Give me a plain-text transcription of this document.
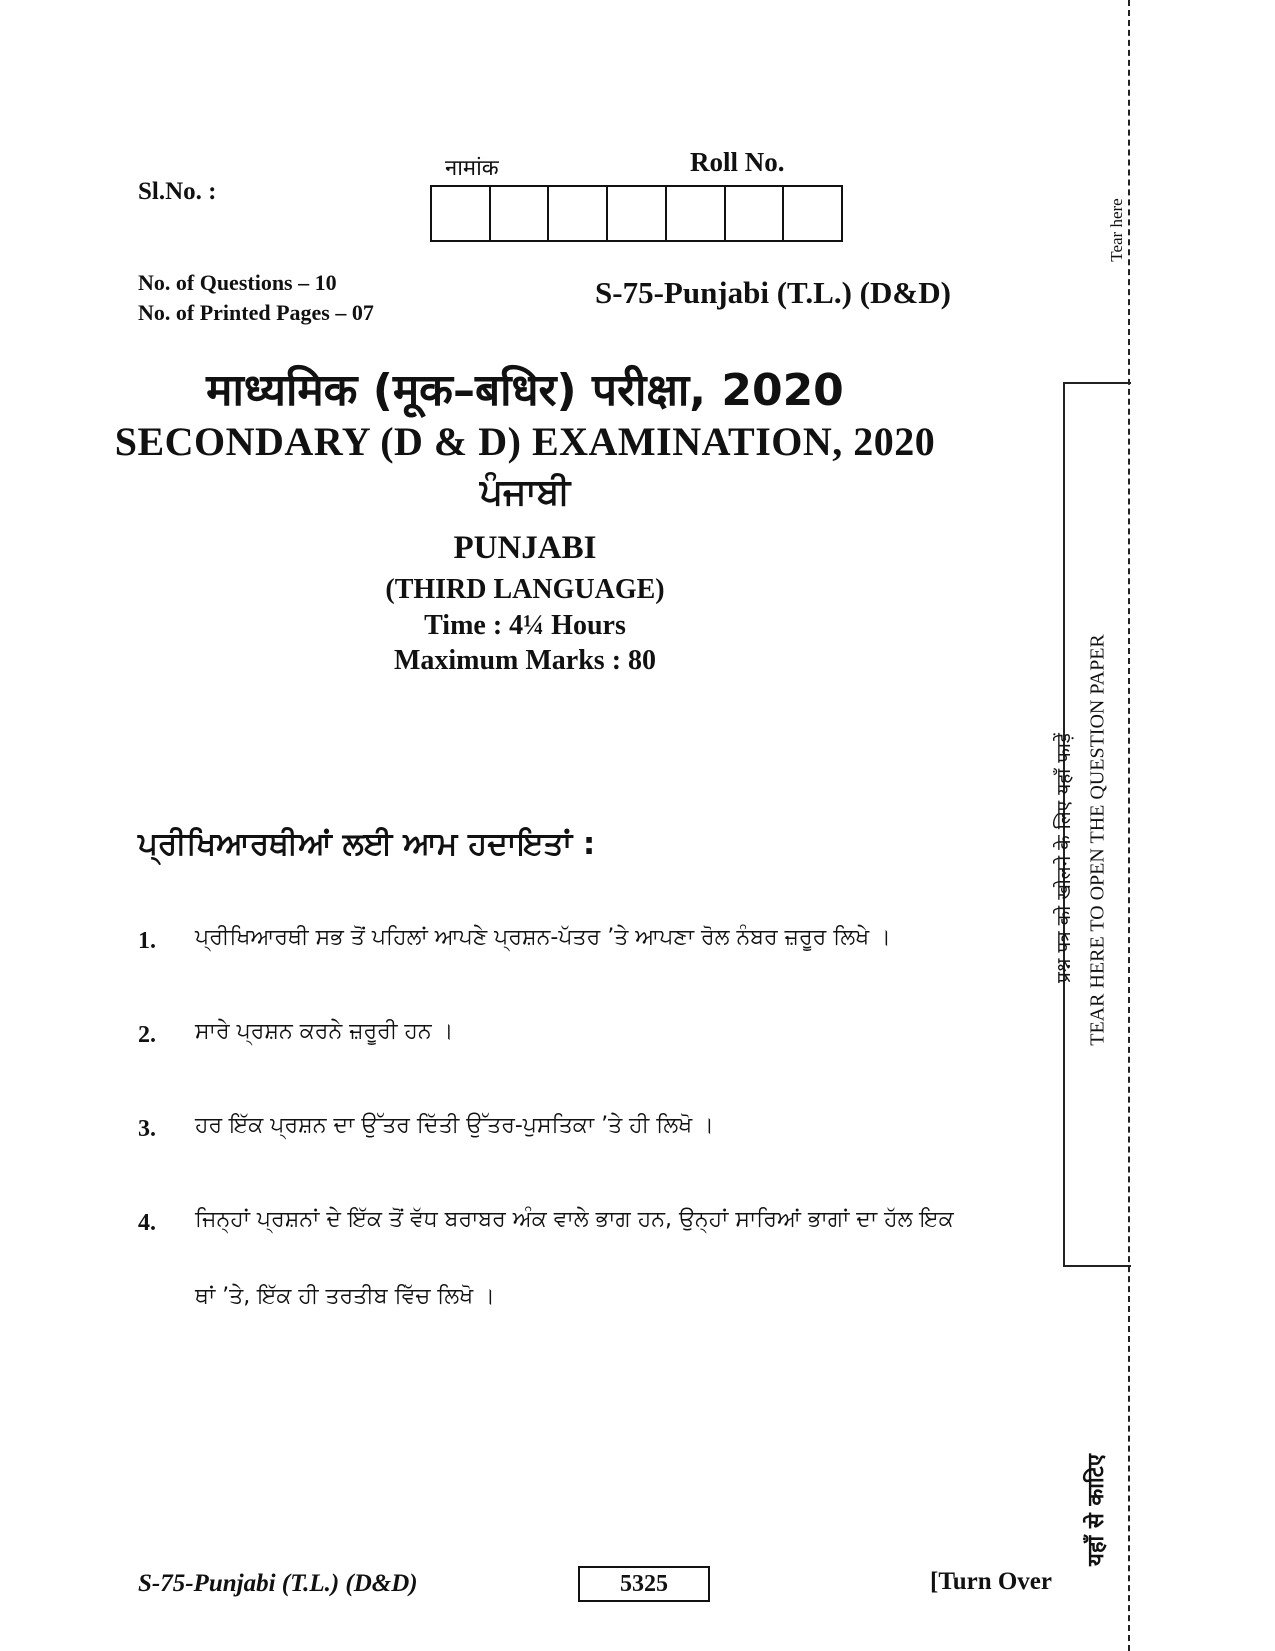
Sl.No. :
नामांक	Roll No.
No. of Questions – 10
No. of Printed Pages – 07
S-75-Punjabi (T.L.) (D&D)
माध्यमिक (मूक–बधिर) परीक्षा, 2020
SECONDARY (D & D) EXAMINATION, 2020
ਪੰਜਾਬੀ
PUNJABI
(THIRD LANGUAGE)
Time : 4¼ Hours
Maximum Marks : 80
ਪ੍ਰੀਖਿਆਰਥੀਆਂ ਲਈ ਆਮ ਹਦਾਇਤਾਂ :
1. ਪ੍ਰੀਖਿਆਰਥੀ ਸਭ ਤੋਂ ਪਹਿਲਾਂ ਆਪਣੇ ਪ੍ਰਸ਼ਨ-ਪੱਤਰ ’ਤੇ ਆਪਣਾ ਰੋਲ ਨੰਬਰ ਜ਼ਰੂਰ ਲਿਖੇ ।
2. ਸਾਰੇ ਪ੍ਰਸ਼ਨ ਕਰਨੇ ਜ਼ਰੂਰੀ ਹਨ ।
3. ਹਰ ਇੱਕ ਪ੍ਰਸ਼ਨ ਦਾ ਉੱਤਰ ਦਿੱਤੀ ਉੱਤਰ-ਪੁਸਤਿਕਾ ’ਤੇ ਹੀ ਲਿਖੋ ।
4. ਜਿਨ੍ਹਾਂ ਪ੍ਰਸ਼ਨਾਂ ਦੇ ਇੱਕ ਤੋਂ ਵੱਧ ਬਰਾਬਰ ਅੰਕ ਵਾਲੇ ਭਾਗ ਹਨ, ਉਨ੍ਹਾਂ ਸਾਰਿਆਂ ਭਾਗਾਂ ਦਾ ਹੱਲ ਇਕ
ਥਾਂ ’ਤੇ, ਇੱਕ ਹੀ ਤਰਤੀਬ ਵਿੱਚ ਲਿਖੋ ।
Tear here
प्रश्न पत्र को खोलने के लिए यहाँ फाड़ें TEAR HERE TO OPEN THE QUESTION PAPER
यहाँ से काटिए
S-75-Punjabi (T.L.) (D&D)	5325	[Turn Over
